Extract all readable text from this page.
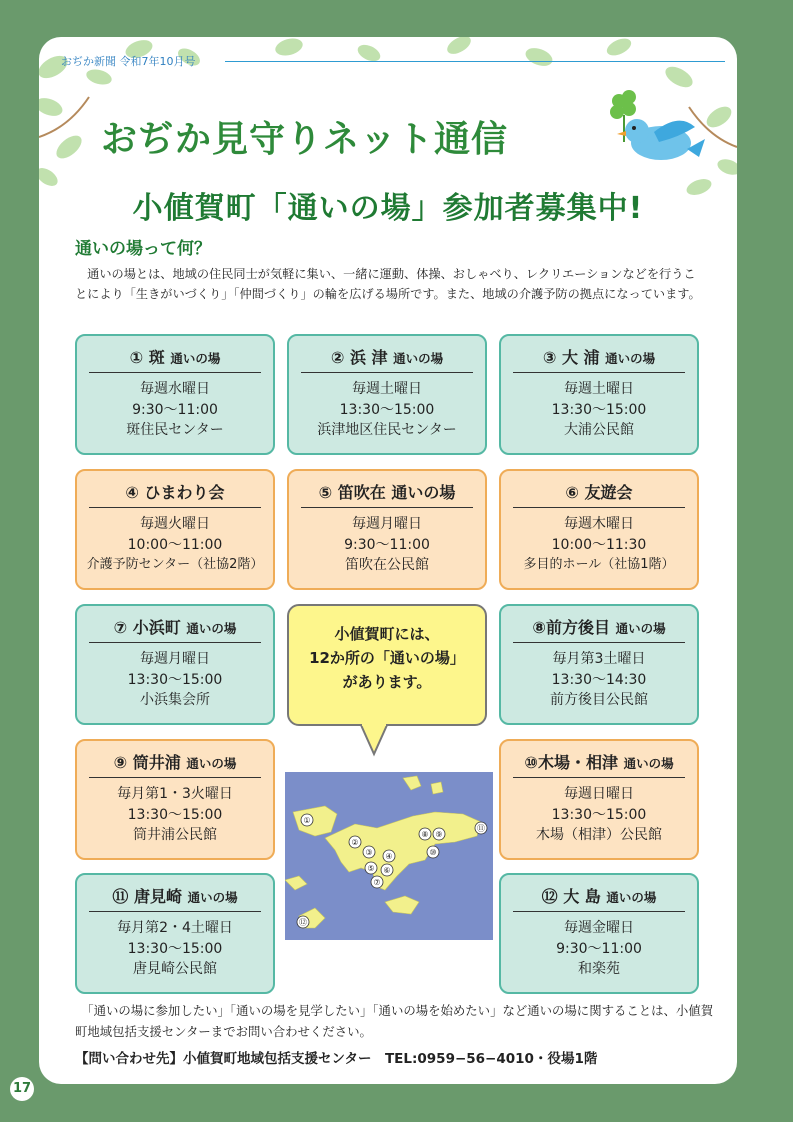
おぢか新聞 令和7年10月号
おぢか見守りネット通信
小値賀町「通いの場」参加者募集中!
通いの場って何？
　通いの場とは、地域の住民同士が気軽に集い、一緒に運動、体操、おしゃべり、レクリエーションなどを行うことにより「生きがいづくり」「仲間づくり」の輪を広げる場所です。また、地域の介護予防の拠点になっています。
① 斑 通いの場
毎週水曜日
9:30〜11:00
斑住民センター
② 浜 津 通いの場
毎週土曜日
13:30〜15:00
浜津地区住民センター
③ 大 浦 通いの場
毎週土曜日
13:30〜15:00
大浦公民館
④ ひまわり会
毎週火曜日
10:00〜11:00
介護予防センター（社協2階）
⑤ 笛吹在 通いの場
毎週月曜日
9:30〜11:00
笛吹在公民館
⑥ 友遊会
毎週木曜日
10:00〜11:30
多目的ホール（社協1階）
⑦ 小浜町 通いの場
毎週月曜日
13:30〜15:00
小浜集会所
小値賀町には、
12か所の「通いの場」
があります。
⑧前方後目 通いの場
毎月第3土曜日
13:30〜14:30
前方後目公民館
⑨ 筒井浦 通いの場
毎月第1・3火曜日
13:30〜15:00
筒井浦公民館
①
②
③ ④
⑤ ⑥
⑦
⑧ ⑨
⑩
⑪
⑫
⑩木場・相津 通いの場
毎週日曜日
13:30〜15:00
木場（相津）公民館
⑪ 唐見崎 通いの場
毎月第2・4土曜日
13:30〜15:00
唐見崎公民館
⑫ 大 島 通いの場
毎週金曜日
9:30〜11:00
和楽苑
　「通いの場に参加したい」「通いの場を見学したい」「通いの場を始めたい」など通いの場に関することは、小値賀町地域包括支援センターまでお問い合わせください。
【問い合わせ先】小値賀町地域包括支援センター　TEL:0959−56−4010・役場1階
17
